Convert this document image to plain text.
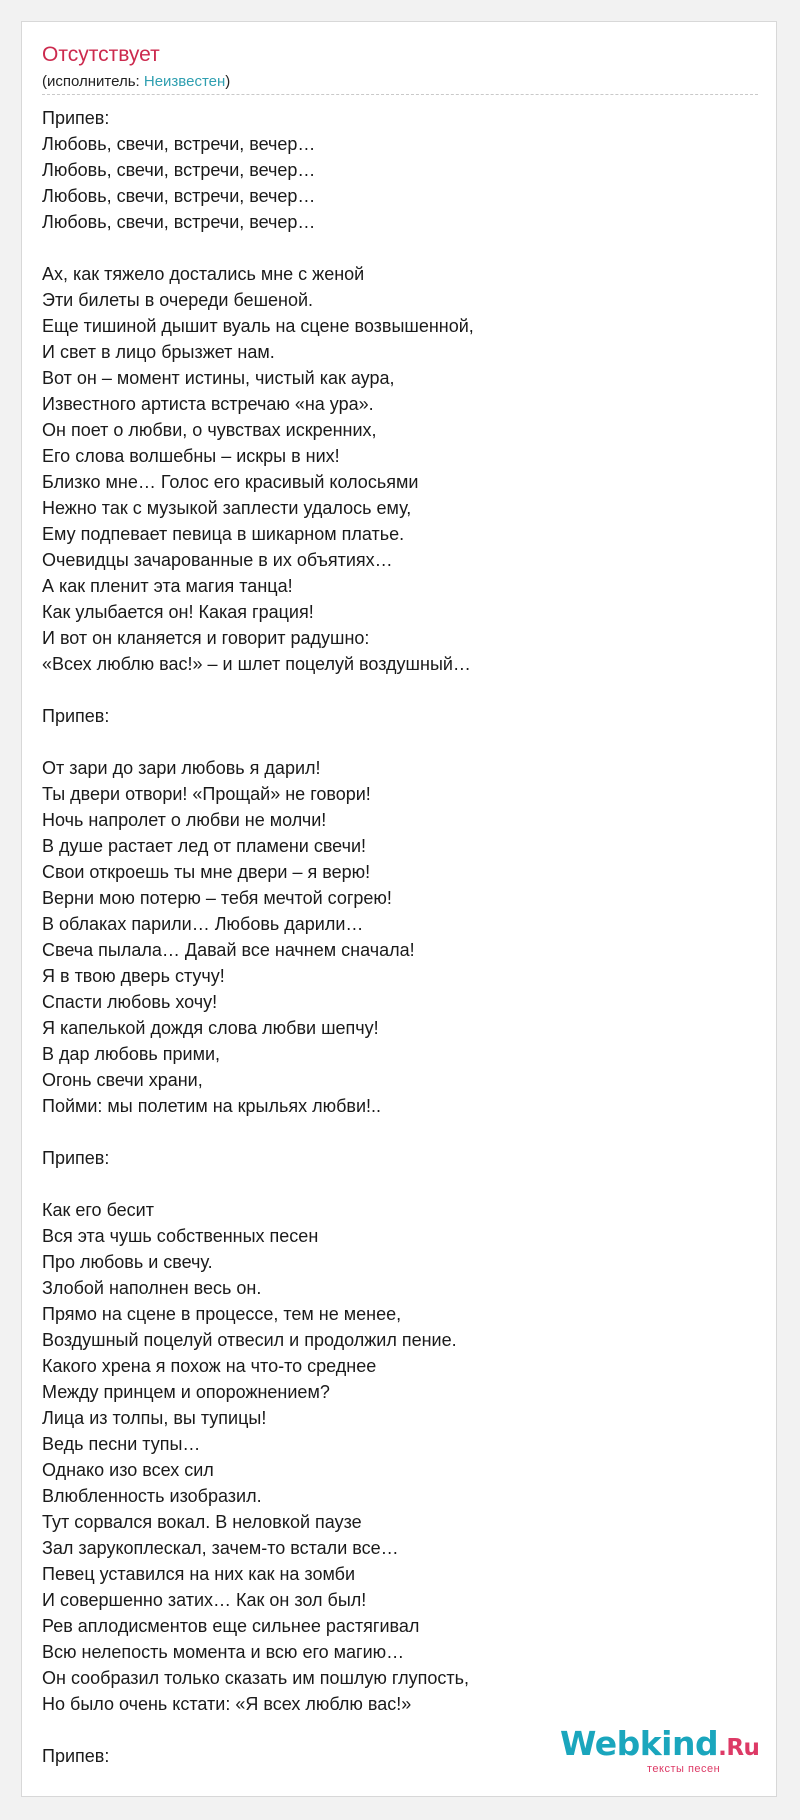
Отсутствует
(исполнитель: Неизвестен)
Припев:
Любовь, свечи, встречи, вечер…
Любовь, свечи, встречи, вечер…
Любовь, свечи, встречи, вечер…
Любовь, свечи, встречи, вечер…

Ах, как тяжело достались мне с женой
Эти билеты в очереди бешеной.
Еще тишиной дышит вуаль на сцене возвышенной,
И свет в лицо брызжет нам.
Вот он – момент истины, чистый как аура,
Известного артиста встречаю «на ура».
Он поет о любви, о чувствах искренних,
Его слова волшебны – искры в них!
Близко мне… Голос его красивый колосьями
Нежно так с музыкой заплести удалось ему,
Ему подпевает певица в шикарном платье.
Очевидцы зачарованные в их объятиях…
А как пленит эта магия танца!
Как улыбается он! Какая грация!
И вот он кланяется и говорит радушно:
«Всех люблю вас!» – и шлет поцелуй воздушный…

Припев:

От зари до зари любовь я дарил!
Ты двери отвори! «Прощай» не говори!
Ночь напролет о любви не молчи!
В душе растает лед от пламени свечи!
Свои откроешь ты мне двери – я верю!
Верни мою потерю – тебя мечтой согрею!
В облаках парили… Любовь дарили…
Свеча пылала… Давай все начнем сначала!
Я в твою дверь стучу!
Спасти любовь хочу!
Я капелькой дождя слова любви шепчу!
В дар любовь прими,
Огонь свечи храни,
Пойми: мы полетим на крыльях любви!..

Припев:

Как его бесит
Вся эта чушь собственных песен
Про любовь и свечу.
Злобой наполнен весь он.
Прямо на сцене в процессе, тем не менее,
Воздушный поцелуй отвесил и продолжил пение.
Какого хрена я похож на что-то среднее
Между принцем и опорожнением?
Лица из толпы, вы тупицы!
Ведь песни тупы…
Однако изо всех сил
Влюбленность изобразил.
Тут сорвался вокал. В неловкой паузе
Зал зарукоплескал, зачем-то встали все…
Певец уставился на них как на зомби
И совершенно затих… Как он зол был!
Рев аплодисментов еще сильнее растягивал
Всю нелепость момента и всю его магию…
Он сообразил только сказать им пошлую глупость,
Но было очень кстати: «Я всех люблю вас!»

Припев:	Webkind.Ru
тексты песен
